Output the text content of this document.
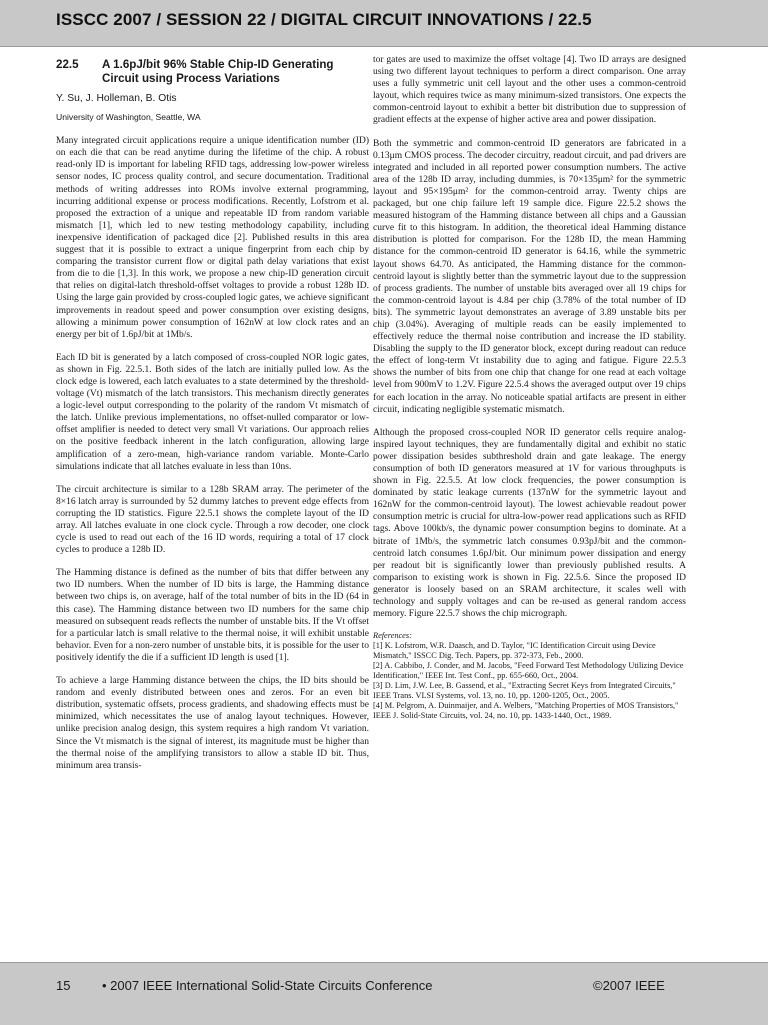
ISSCC 2007 / SESSION 22 / DIGITAL CIRCUIT INNOVATIONS / 22.5
22.5	A 1.6pJ/bit 96% Stable Chip-ID Generating Circuit using Process Variations
Y. Su, J. Holleman, B. Otis
University of Washington, Seattle, WA

Many integrated circuit applications require a unique identification number (ID) on each die that can be read anytime during the lifetime of the chip. A robust read-only ID is important for labeling RFID tags, addressing low-power wireless sensor nodes, IC process quality control, and secure documentation. Traditional methods of writing addresses into ROMs involve external programming, incurring additional expense or process modifications. Recently, Lofstrom et al. proposed the extraction of a unique and repeatable ID from random variable mismatch [1], which led to new testing methodology capability, including inexpensive identification of packaged dice [2]. Published results in this area suggest that it is possible to extract a unique fingerprint from each chip by comparing the transistor current flow or digital path delay variations that exist from die to die [1,3]. In this work, we propose a new chip-ID generation circuit that relies on digital-latch threshold-offset voltages to provide a robust 128b ID. Using the large gain provided by cross-coupled logic gates, we achieve significant improvements in readout speed and power consumption over existing designs, allowing a minimum power consumption of 162nW at low clock rates and an energy per bit of 1.6pJ/bit at 1Mb/s.

Each ID bit is generated by a latch composed of cross-coupled NOR logic gates, as shown in Fig. 22.5.1. Both sides of the latch are initially pulled low. As the clock edge is lowered, each latch evaluates to a state determined by the threshold-voltage (Vt) mismatch of the latch transistors. This mechanism directly generates a logic-level output corresponding to the polarity of the random Vt mismatch of the latch. Unlike previous implementations, no offset-nulled comparator or low-offset amplifier is needed to detect very small Vt variations. Our approach relies on the positive feedback inherent in the latch configuration, allowing large amplification of a zero-mean, high-variance random variable. Monte-Carlo simulations indicate that all latches evaluate in less than 10ns.

The circuit architecture is similar to a 128b SRAM array. The perimeter of the 8×16 latch array is surrounded by 52 dummy latches to prevent edge effects from corrupting the ID statistics. Figure 22.5.1 shows the complete layout of the ID array. All latches evaluate in one clock cycle. Through a row decoder, one clock cycle is used to read out each of the 16 ID words, requiring a total of 17 clock cycles to produce a 128b ID.

The Hamming distance is defined as the number of bits that differ between any two ID numbers. When the number of ID bits is large, the Hamming distance between two chips is, on average, half of the total number of bits in the ID (64 in this case). The Hamming distance between two ID numbers for the same chip measured on subsequent reads reflects the number of unstable bits. If the Vt offset for a particular latch is small relative to the thermal noise, it will exhibit unstable behavior. Even for a non-zero number of unstable bits, it is possible for the user to positively identify the die if a sufficient ID length is used [1].

To achieve a large Hamming distance between the chips, the ID bits should be random and evenly distributed between ones and zeros. For an even bit distribution, systematic offsets, process gradients, and shadowing effects must be minimized, which necessitates the use of analog layout techniques. However, unlike precision analog design, this system requires a high random Vt variation. Since the Vt mismatch is the signal of interest, its magnitude must be higher than the thermal noise of the amplifying transistors to allow a stable ID bit. Thus, minimum area transis-

tor gates are used to maximize the offset voltage [4]. Two ID arrays are designed using two different layout techniques to perform a direct comparison. One array uses a fully symmetric unit cell layout and the other uses a common-centroid layout, which requires twice as many minimum-sized transistors. One expects the common-centroid layout to exhibit a better bit distribution due to suppression of gradient effects at the expense of higher active area and power dissipation.

Both the symmetric and common-centroid ID generators are fabricated in a 0.13μm CMOS process. The decoder circuitry, readout circuit, and pad drivers are integrated and included in all reported power consumption numbers. The active area of the 128b ID array, including dummies, is 70×135μm² for the symmetric layout and 95×195μm² for the common-centroid array. Twenty chips are packaged, but one chip failure left 19 sample dice. Figure 22.5.2 shows the measured histogram of the Hamming distance between all chips and a Gaussian curve fit to this histogram. In addition, the theoretical ideal Hamming distance distribution is plotted for comparison. For the 128b ID, the mean Hamming distance for the common-centroid ID generator is 64.16, while the symmetric layout shows 64.70. As anticipated, the Hamming distance for the common-centroid layout is slightly better than the symmetric layout due to the suppression of process gradients. The number of unstable bits averaged over all 19 chips for the common-centroid layout is 4.84 per chip (3.78% of the total number of ID bits). The symmetric layout demonstrates an average of 3.89 unstable bits per chip (3.04%). Averaging of multiple reads can be easily implemented to effectively reduce the thermal noise contribution and increase the ID stability. Disabling the supply to the ID generator block, except during readout can reduce the effect of long-term Vt instability due to aging and fatigue. Figure 22.5.3 shows the number of bits from one chip that change for one read at each voltage level from 900mV to 1.2V. Figure 22.5.4 shows the averaged output over 19 chips for each location in the array. No noticeable spatial artifacts are present in either circuit, indicating negligible systematic mismatch.

Although the proposed cross-coupled NOR ID generator cells require analog-inspired layout techniques, they are fundamentally digital and exhibit no static power dissipation besides subthreshold drain and gate leakage. The energy consumption of both ID generators measured at 1V for various throughputs is shown in Fig. 22.5.5. At low clock frequencies, the power consumption is dominated by static leakage currents (137nW for the symmetric layout and 162nW for the common-centroid layout). The lowest achievable readout power consumption metric is crucial for ultra-low-power read applications such as RFID tags. Above 100kb/s, the dynamic power consumption begins to dominate. At a bitrate of 1Mb/s, the symmetric latch consumes 0.93pJ/bit and the common-centroid latch consumes 1.6pJ/bit. Our minimum power dissipation and energy per readout bit is significantly lower than previously published results. A comparison to existing work is shown in Fig. 22.5.6. Since the proposed ID generator is loosely based on an SRAM architecture, it scales well with technology and supply voltages and can be re-used as general random access memory. Figure 22.5.7 shows the chip micrograph.

References:

[1] K. Lofstrom, W.R. Daasch, and D. Taylor, "IC Identification Circuit using Device Mismatch," ISSCC Dig. Tech. Papers, pp. 372-373, Feb., 2000.

[2] A. Cabbibo, J. Conder, and M. Jacobs, "Feed Forward Test Methodology Utilizing Device Identification," IEEE Int. Test Conf., pp. 655-660, Oct., 2004.

[3] D. Lim, J.W. Lee, B. Gassend, et al., "Extracting Secret Keys from Integrated Circuits," IEEE Trans. VLSI Systems, vol. 13, no. 10, pp. 1200-1205, Oct., 2005.

[4] M. Pelgrom, A. Duinmaijer, and A. Welbers, "Matching Properties of MOS Transistors," IEEE J. Solid-State Circuits, vol. 24, no. 10, pp. 1433-1440, Oct., 1989.

15 • 2007 IEEE International Solid-State Circuits Conference	©2007 IEEE
